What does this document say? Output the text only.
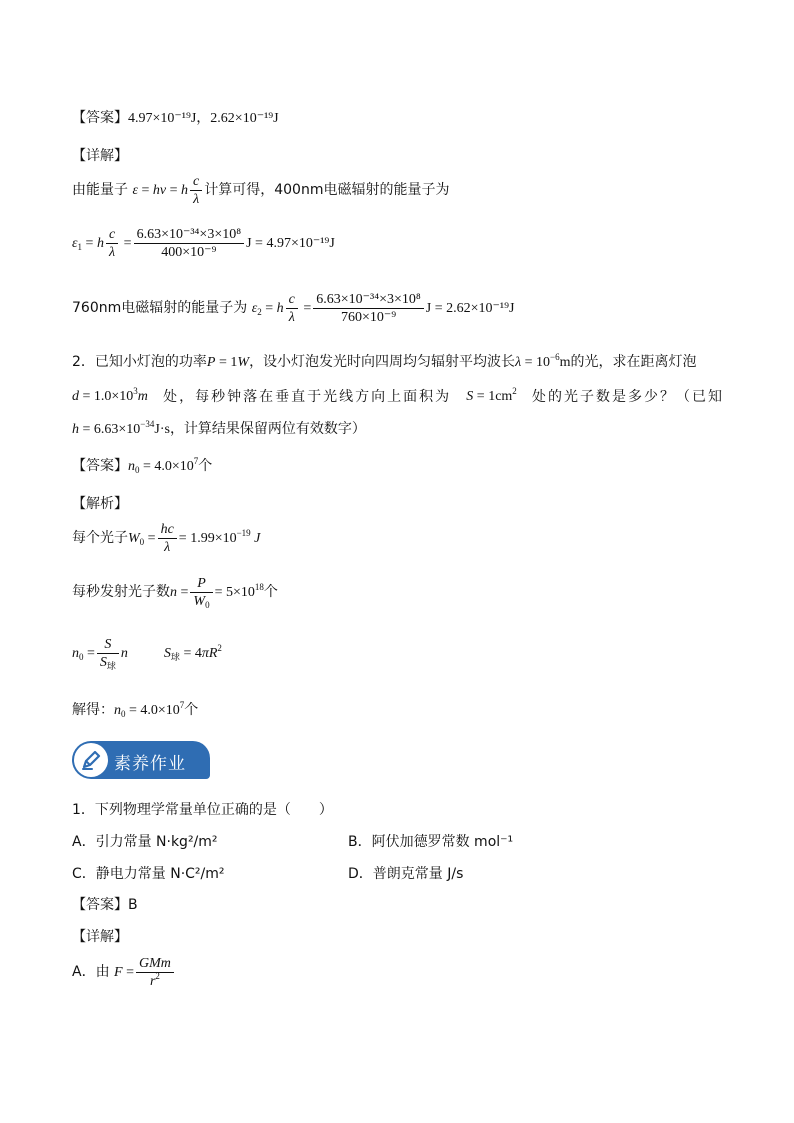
【答案】4.97×10⁻¹⁹J，2.62×10⁻¹⁹J
【详解】
由能量子 ε = hν = h $\frac{c}{\lambda}$ 计算可得，400nm电磁辐射的能量子为
$\varepsilon_1 = h \frac{c}{\lambda} = \frac{\text{6.63×10⁻³⁴×3×10⁸}}{\text{400×10⁻⁹}}$ J = 4.97×10⁻¹⁹J
760nm电磁辐射的能量子为 $\varepsilon_2 = h \frac{c}{\lambda} = \frac{\text{6.63×10⁻³⁴×3×10⁸}}{\text{760×10⁻⁹}}$ J = 2.62×10⁻¹⁹J
2．已知小灯泡的功率P = 1W，设小灯泡发光时向四周均匀辐射平均波长$\lambda = 10^{-6}m$的光，求在距离灯泡
$d = 1.0\times 10^3m$ 处，每秒钟落在垂直于光线方向上面积为 $S = 1cm^2$ 处的光子数是多少？（已知
$h = 6.63\times 10^{-34}J\cdot s$，计算结果保留两位有效数字）
【答案】$n_0 = 4.0\times 10^7$个
【解析】
每个光子$W_0 = \frac{hc}{\lambda} = 1.99\times 10^{-19}$ J
每秒发射光子数$n = \frac{P}{W_0} = 5\times 10^{18}$个
$n_0 = \frac{S}{S_球}$ n	$S_球 = 4\pi R^2$
解得：$n_0 = 4.0\times 10^7$个
素养作业
1．下列物理学常量单位正确的是（　　）
A．引力常量 N·kg²/m²	B．阿伏加德罗常数 mol⁻¹
C．静电力常量 N·C²/m²	D．普朗克常量 J/s
【答案】B
【详解】
A．由 $F = \frac{\text{GMm}}{r^2}$
